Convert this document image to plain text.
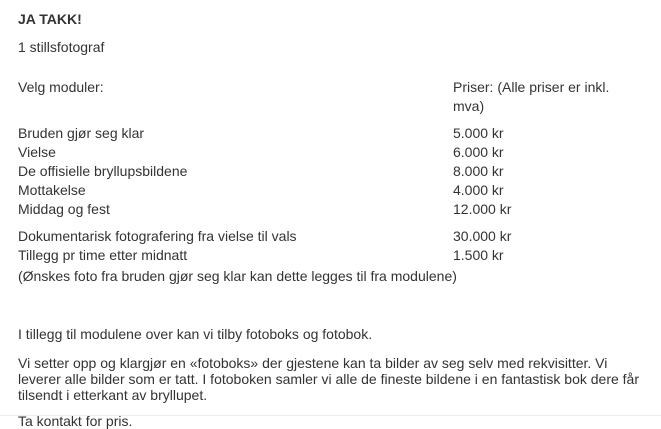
JA TAKK!

1 stillsfotograf

Velg moduler:	Priser: (Alle priser er inkl. mva)
Bruden gjør seg klar	5.000 kr
Vielse	6.000 kr
De offisielle bryllupsbildene	8.000 kr
Mottakelse	4.000 kr
Middag og fest	12.000 kr
Dokumentarisk fotografering fra vielse til vals	30.000 kr
Tillegg pr time etter midnatt	1.500 kr

(Ønskes foto fra bruden gjør seg klar kan dette legges til fra modulene)

I tillegg til modulene over kan vi tilby fotoboks og fotobok.

Vi setter opp og klargjør en «fotoboks» der gjestene kan ta bilder av seg selv med rekvisitter. Vi leverer alle bilder som er tatt. I fotoboken samler vi alle de fineste bildene i en fantastisk bok dere får tilsendt i etterkant av bryllupet.

Ta kontakt for pris.
